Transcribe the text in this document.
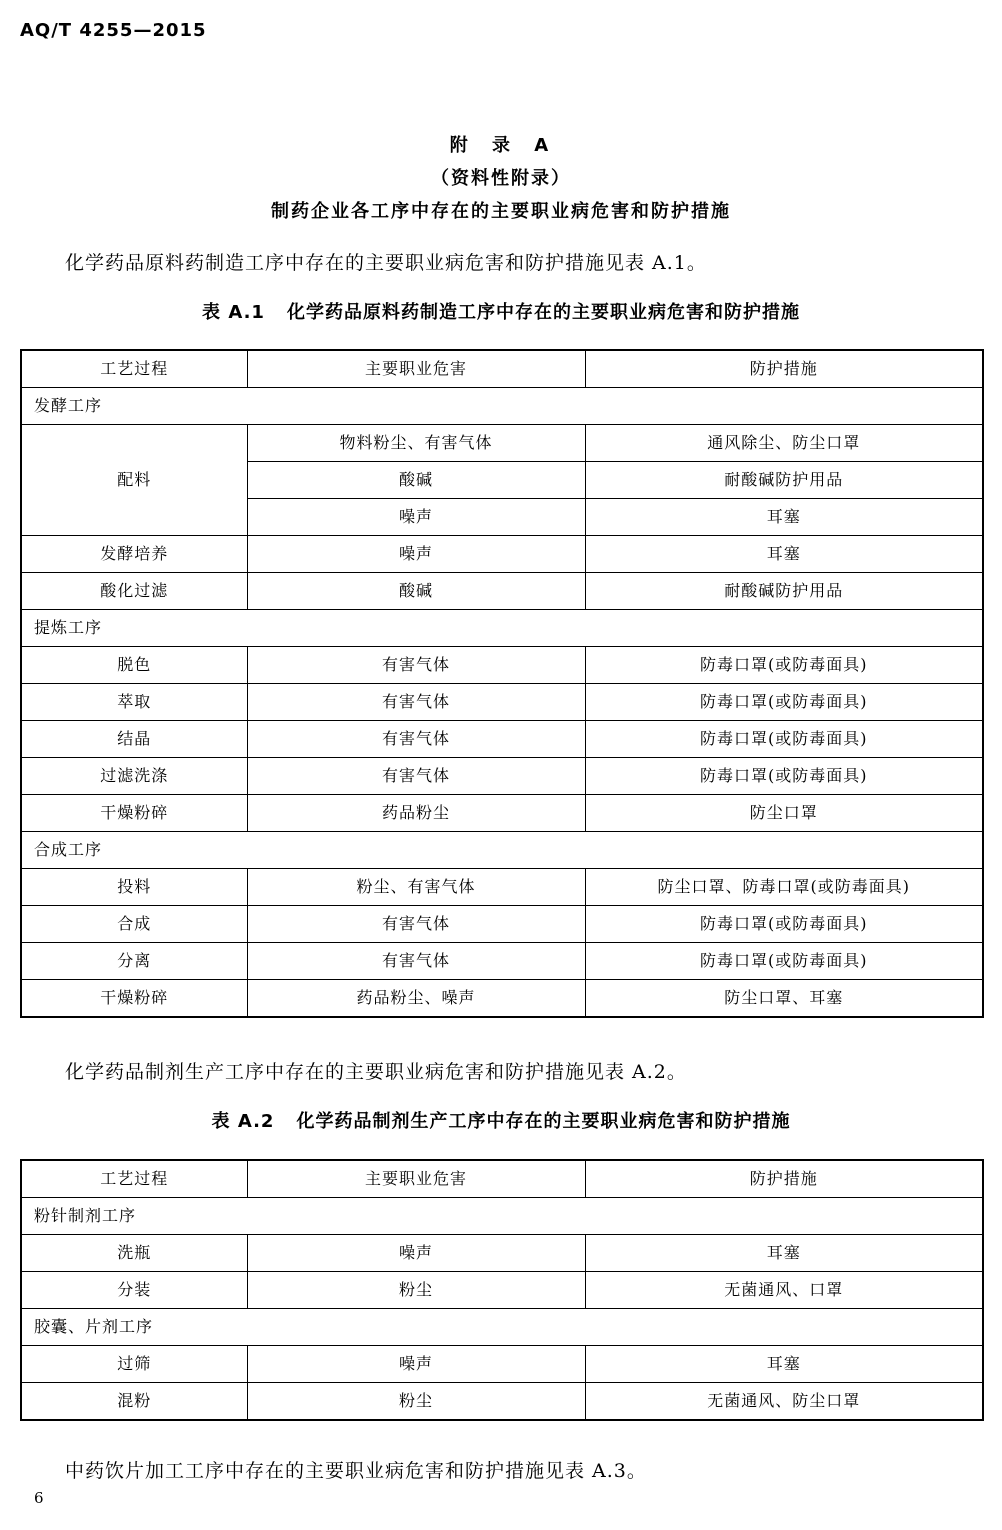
AQ/T 4255—2015
附 录 A
（资料性附录）
制药企业各工序中存在的主要职业病危害和防护措施
化学药品原料药制造工序中存在的主要职业病危害和防护措施见表 A.1。
表 A.1 化学药品原料药制造工序中存在的主要职业病危害和防护措施
工艺过程	主要职业危害	防护措施
发酵工序		
配料	物料粉尘、有害气体	通风除尘、防尘口罩
	酸碱	耐酸碱防护用品
	噪声	耳塞
发酵培养	噪声	耳塞
酸化过滤	酸碱	耐酸碱防护用品
提炼工序		
脱色	有害气体	防毒口罩(或防毒面具)
萃取	有害气体	防毒口罩(或防毒面具)
结晶	有害气体	防毒口罩(或防毒面具)
过滤洗涤	有害气体	防毒口罩(或防毒面具)
干燥粉碎	药品粉尘	防尘口罩
合成工序		
投料	粉尘、有害气体	防尘口罩、防毒口罩(或防毒面具)
合成	有害气体	防毒口罩(或防毒面具)
分离	有害气体	防毒口罩(或防毒面具)
干燥粉碎	药品粉尘、噪声	防尘口罩、耳塞
化学药品制剂生产工序中存在的主要职业病危害和防护措施见表 A.2。
表 A.2 化学药品制剂生产工序中存在的主要职业病危害和防护措施
工艺过程	主要职业危害	防护措施
粉针制剂工序		
洗瓶	噪声	耳塞
分装	粉尘	无菌通风、口罩
胶囊、片剂工序		
过筛	噪声	耳塞
混粉	粉尘	无菌通风、防尘口罩
中药饮片加工工序中存在的主要职业病危害和防护措施见表 A.3。
6
